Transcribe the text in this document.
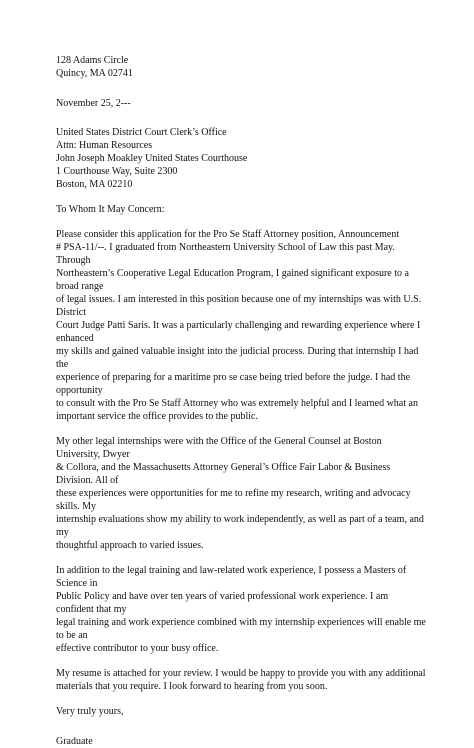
128 Adams Circle
Quincy, MA 02741
November 25, 2---
United States District Court Clerk’s Office
Attn: Human Resources
John Joseph Moakley United States Courthouse
1 Courthouse Way, Suite 2300
Boston, MA 02210
To Whom It May Concern:

Please consider this application for the Pro Se Staff Attorney position, Announcement
# PSA-11/--. I graduated from Northeastern University School of Law this past May. Through
Northeastern’s Cooperative Legal Education Program, I gained significant exposure to a broad range
of legal issues. I am interested in this position because one of my internships was with U.S. District
Court Judge Patti Saris. It was a particularly challenging and rewarding experience where I enhanced
my skills and gained valuable insight into the judicial process. During that internship I had the
experience of preparing for a maritime pro se case being tried before the judge. I had the opportunity
to consult with the Pro Se Staff Attorney who was extremely helpful and I learned what an
important service the office provides to the public.

My other legal internships were with the Office of the General Counsel at Boston University, Dwyer
& Collora, and the Massachusetts Attorney General’s Office Fair Labor & Business Division. All of
these experiences were opportunities for me to refine my research, writing and advocacy skills. My
internship evaluations show my ability to work independently, as well as part of a team, and my
thoughtful approach to varied issues.

In addition to the legal training and law-related work experience, I possess a Masters of Science in
Public Policy and have over ten years of varied professional work experience. I am confident that my
legal training and work experience combined with my internship experiences will enable me to be an
effective contributor to your busy office.

My resume is attached for your review. I would be happy to provide you with any additional
materials that you require. I look forward to hearing from you soon.

Very truly yours,
Graduate
